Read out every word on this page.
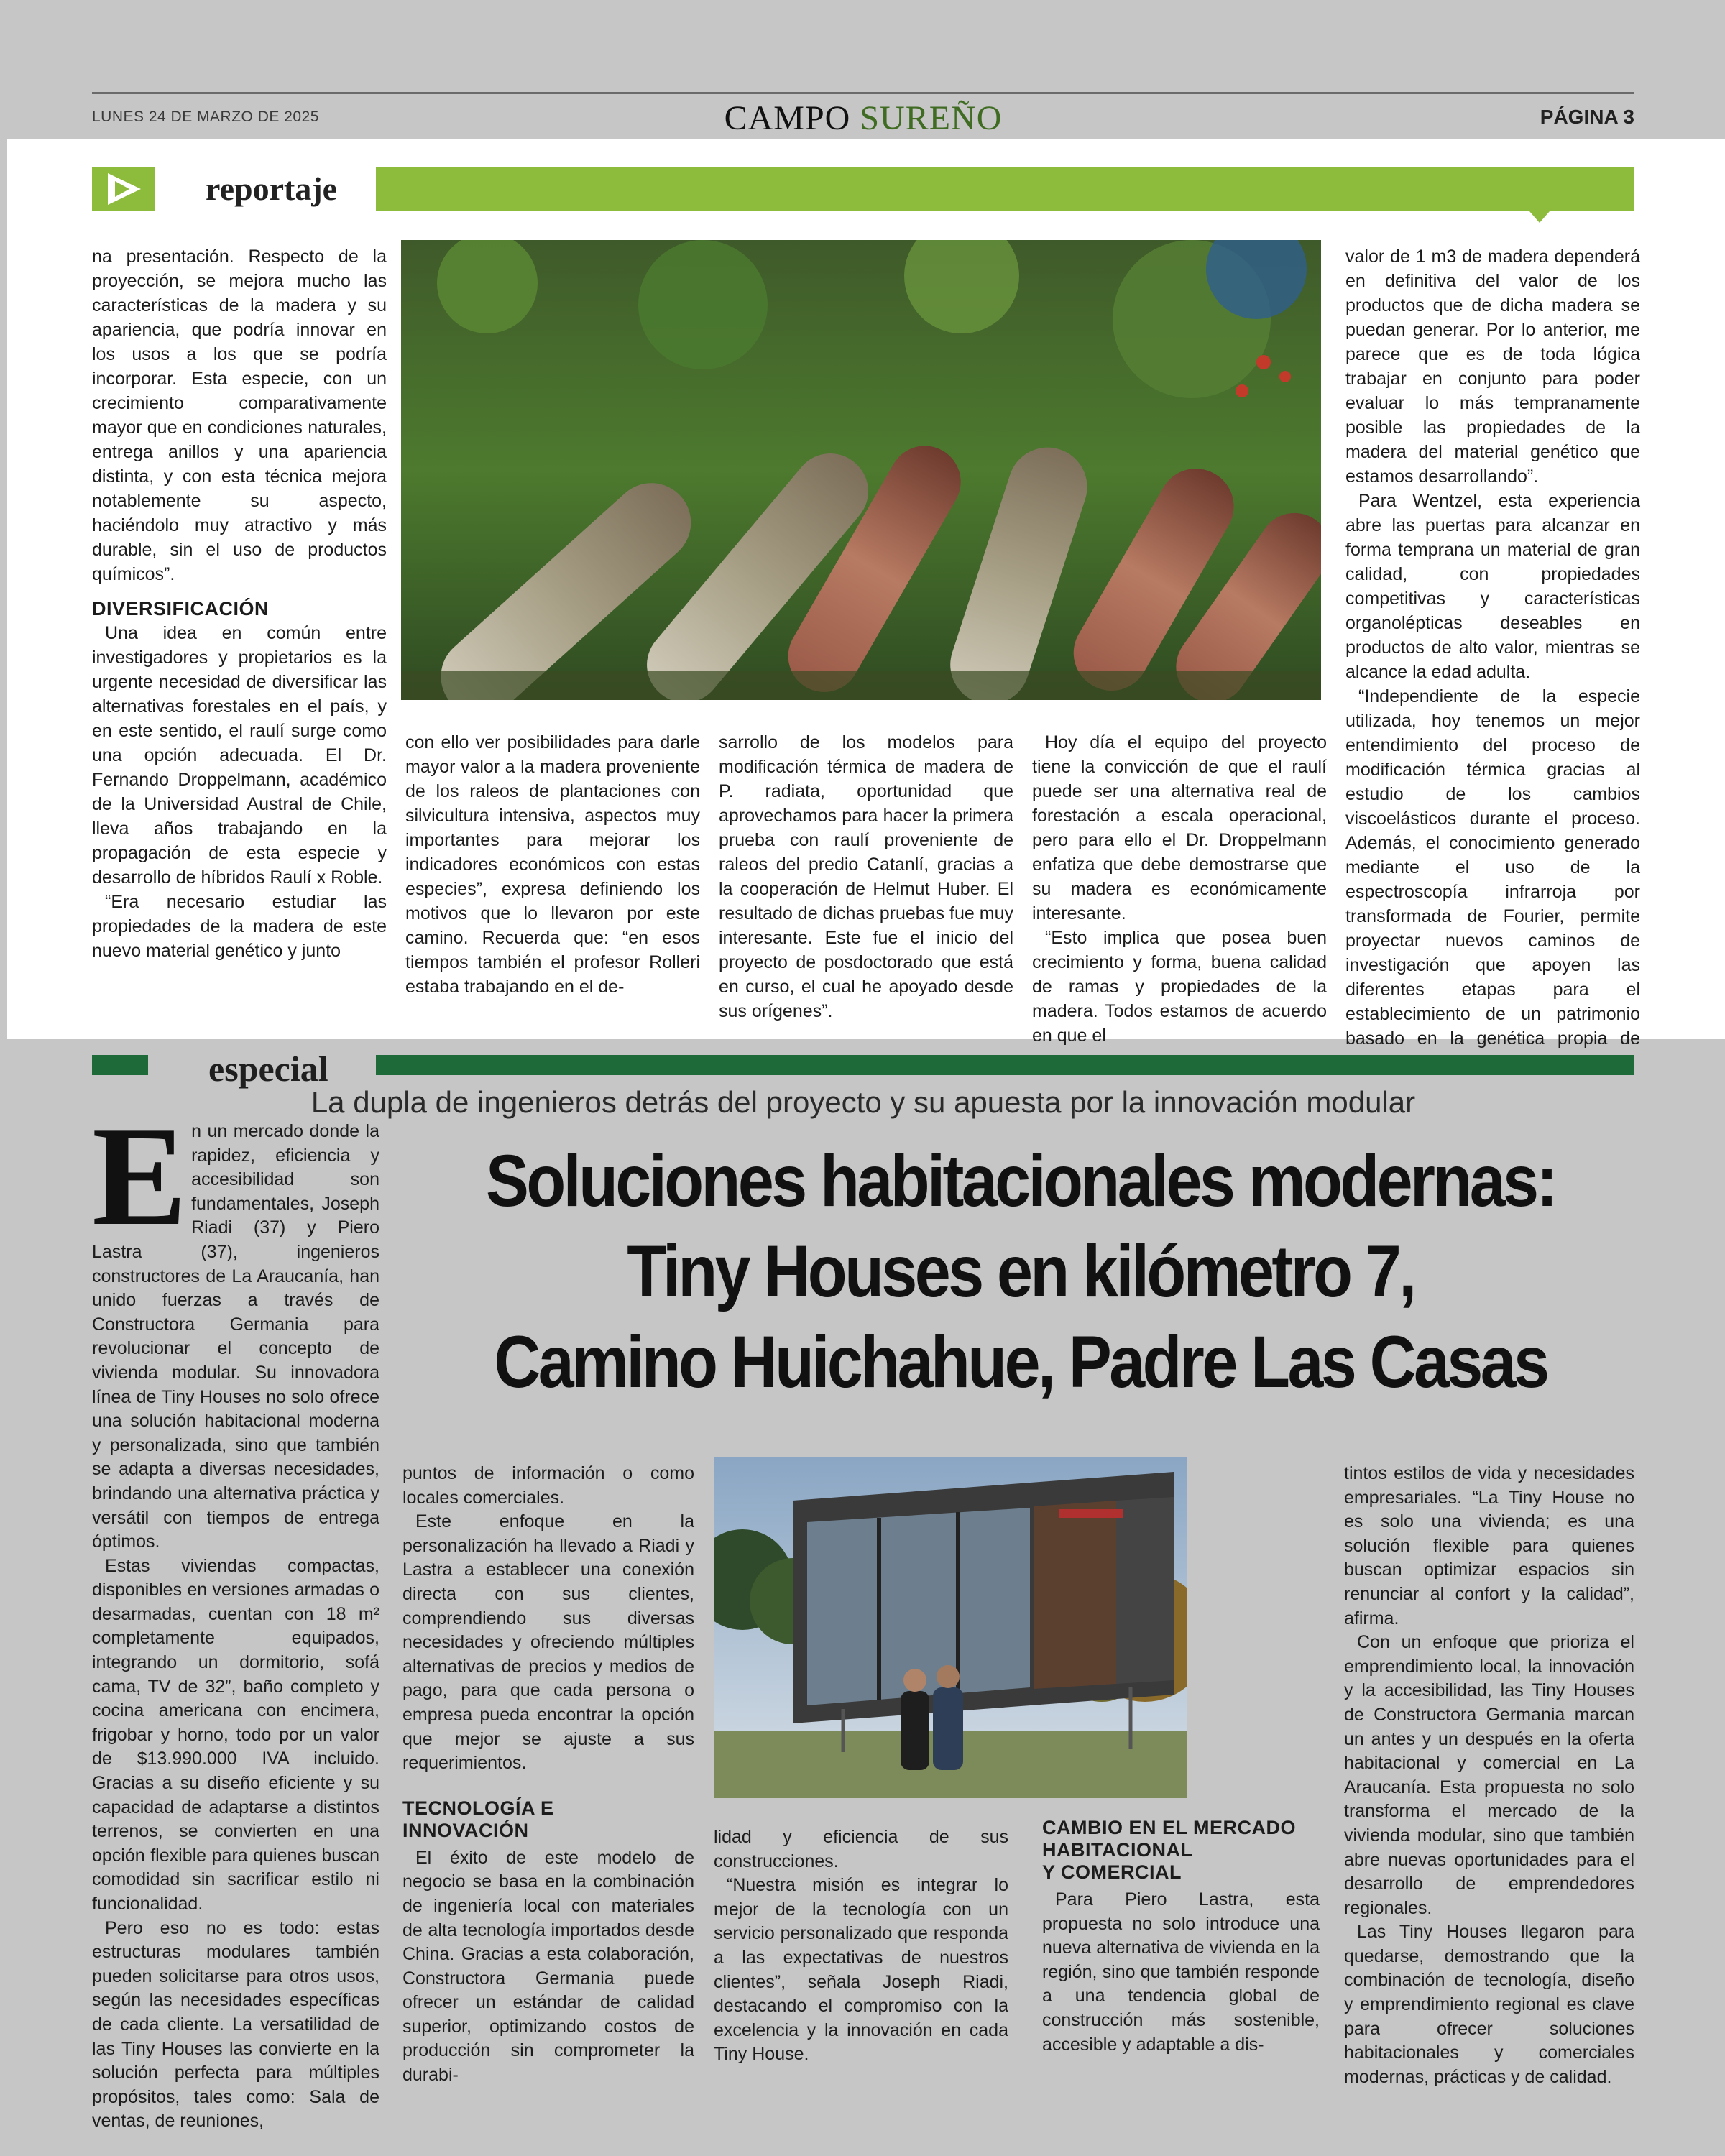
LUNES 24 DE MARZO DE 2025	CAMPO SUREÑO	PÁGINA 3
reportaje

na presentación. Respecto de la proyección, se mejora mucho las características de la madera y su apariencia, que podría innovar en los usos a los que se podría incorporar. Esta especie, con un crecimiento comparativamente mayor que en condiciones naturales, entrega anillos y una apariencia distinta, y con esta técnica mejora notablemente su aspecto, haciéndolo muy atractivo y más durable, sin el uso de productos químicos”.

DIVERSIFICACIÓN

Una idea en común entre investigadores y propietarios es la urgente necesidad de diversificar las alternativas forestales en el país, y en este sentido, el raulí surge como una opción adecuada. El Dr. Fernando Droppelmann, académico de la Universidad Austral de Chile, lleva años trabajando en la propagación de esta especie y desarrollo de híbridos Raulí x Roble.

“Era necesario estudiar las propiedades de la madera de este nuevo material genético y junto

con ello ver posibilidades para darle mayor valor a la madera proveniente de los raleos de plantaciones con silvicultura intensiva, aspectos muy importantes para mejorar los indicadores económicos con estas especies”, expresa definiendo los motivos que lo llevaron por este camino. Recuerda que: “en esos tiempos también el profesor Rolleri estaba trabajando en el de-

sarrollo de los modelos para modificación térmica de madera de P. radiata, oportunidad que aprovechamos para hacer la primera prueba con raulí proveniente de raleos del predio Catanlí, gracias a la cooperación de Helmut Huber. El resultado de dichas pruebas fue muy interesante. Este fue el inicio del proyecto de posdoctorado que está en curso, el cual he apoyado desde sus orígenes”.

Hoy día el equipo del proyecto tiene la convicción de que el raulí puede ser una alternativa real de forestación a escala operacional, pero para ello el Dr. Droppelmann enfatiza que debe demostrarse que su madera es económicamente interesante.

“Esto implica que posea buen crecimiento y forma, buena calidad de ramas y propiedades de la madera. Todos estamos de acuerdo en que el

valor de 1 m3 de madera dependerá en definitiva del valor de los productos que de dicha madera se puedan generar. Por lo anterior, me parece que es de toda lógica trabajar en conjunto para poder evaluar lo más tempranamente posible las propiedades de la madera del material genético que estamos desarrollando”.

Para Wentzel, esta experiencia abre las puertas para alcanzar en forma temprana un material de gran calidad, con propiedades competitivas y características organolépticas deseables en productos de alto valor, mientras se alcance la edad adulta.

“Independiente de la especie utilizada, hoy tenemos un mejor entendimiento del proceso de modificación térmica gracias al estudio de los cambios viscoelásticos durante el proceso. Además, el conocimiento generado mediante el uso de la espectroscopía infrarroja por transformada de Fourier, permite proyectar nuevos caminos de investigación que apoyen las diferentes etapas para el establecimiento de un patrimonio basado en la genética propia de

especial
La dupla de ingenieros detrás del proyecto y su apuesta por la innovación modular
Soluciones habitacionales modernas:
Tiny Houses en kilómetro 7,
Camino Huichahue, Padre Las Casas

En un mercado donde la rapidez, eficiencia y accesibilidad son fundamentales, Joseph Riadi (37) y Piero Lastra (37), ingenieros constructores de La Araucanía, han unido fuerzas a través de Constructora Germania para revolucionar el concepto de vivienda modular. Su innovadora línea de Tiny Houses no solo ofrece una solución habitacional moderna y personalizada, sino que también se adapta a diversas necesidades, brindando una alternativa práctica y versátil con tiempos de entrega óptimos.

Estas viviendas compactas, disponibles en versiones armadas o desarmadas, cuentan con 18 m² completamente equipados, integrando un dormitorio, sofá cama, TV de 32”, baño completo y cocina americana con encimera, frigobar y horno, todo por un valor de $13.990.000 IVA incluido. Gracias a su diseño eficiente y su capacidad de adaptarse a distintos terrenos, se convierten en una opción flexible para quienes buscan comodidad sin sacrificar estilo ni funcionalidad.

Pero eso no es todo: estas estructuras modulares también pueden solicitarse para otros usos, según las necesidades específicas de cada cliente. La versatilidad de las Tiny Houses las convierte en la solución perfecta para múltiples propósitos, tales como: Sala de ventas, de reuniones,

puntos de información o como locales comerciales.

Este enfoque en la personalización ha llevado a Riadi y Lastra a establecer una conexión directa con sus clientes, comprendiendo sus diversas necesidades y ofreciendo múltiples alternativas de precios y medios de pago, para que cada persona o empresa pueda encontrar la opción que mejor se ajuste a sus requerimientos.

TECNOLOGÍA E
INNOVACIÓN

El éxito de este modelo de negocio se basa en la combinación de ingeniería local con materiales de alta tecnología importados desde China. Gracias a esta colaboración, Constructora Germania puede ofrecer un estándar de calidad superior, optimizando costos de producción sin comprometer la durabi-

lidad y eficiencia de sus construcciones.

“Nuestra misión es integrar lo mejor de la tecnología con un servicio personalizado que responda a las expectativas de nuestros clientes”, señala Joseph Riadi, destacando el compromiso con la excelencia y la innovación en cada Tiny House.

CAMBIO EN EL MERCADO
HABITACIONAL
Y COMERCIAL

Para Piero Lastra, esta propuesta no solo introduce una nueva alternativa de vivienda en la región, sino que también responde a una tendencia global de construcción más sostenible, accesible y adaptable a dis-

tintos estilos de vida y necesidades empresariales. “La Tiny House no es solo una vivienda; es una solución flexible para quienes buscan optimizar espacios sin renunciar al confort y la calidad”, afirma.

Con un enfoque que prioriza el emprendimiento local, la innovación y la accesibilidad, las Tiny Houses de Constructora Germania marcan un antes y un después en la oferta habitacional y comercial en La Araucanía. Esta propuesta no solo transforma el mercado de la vivienda modular, sino que también abre nuevas oportunidades para el desarrollo de emprendedores regionales.

Las Tiny Houses llegaron para quedarse, demostrando que la combinación de tecnología, diseño y emprendimiento regional es clave para ofrecer soluciones habitacionales y comerciales modernas, prácticas y de calidad.
